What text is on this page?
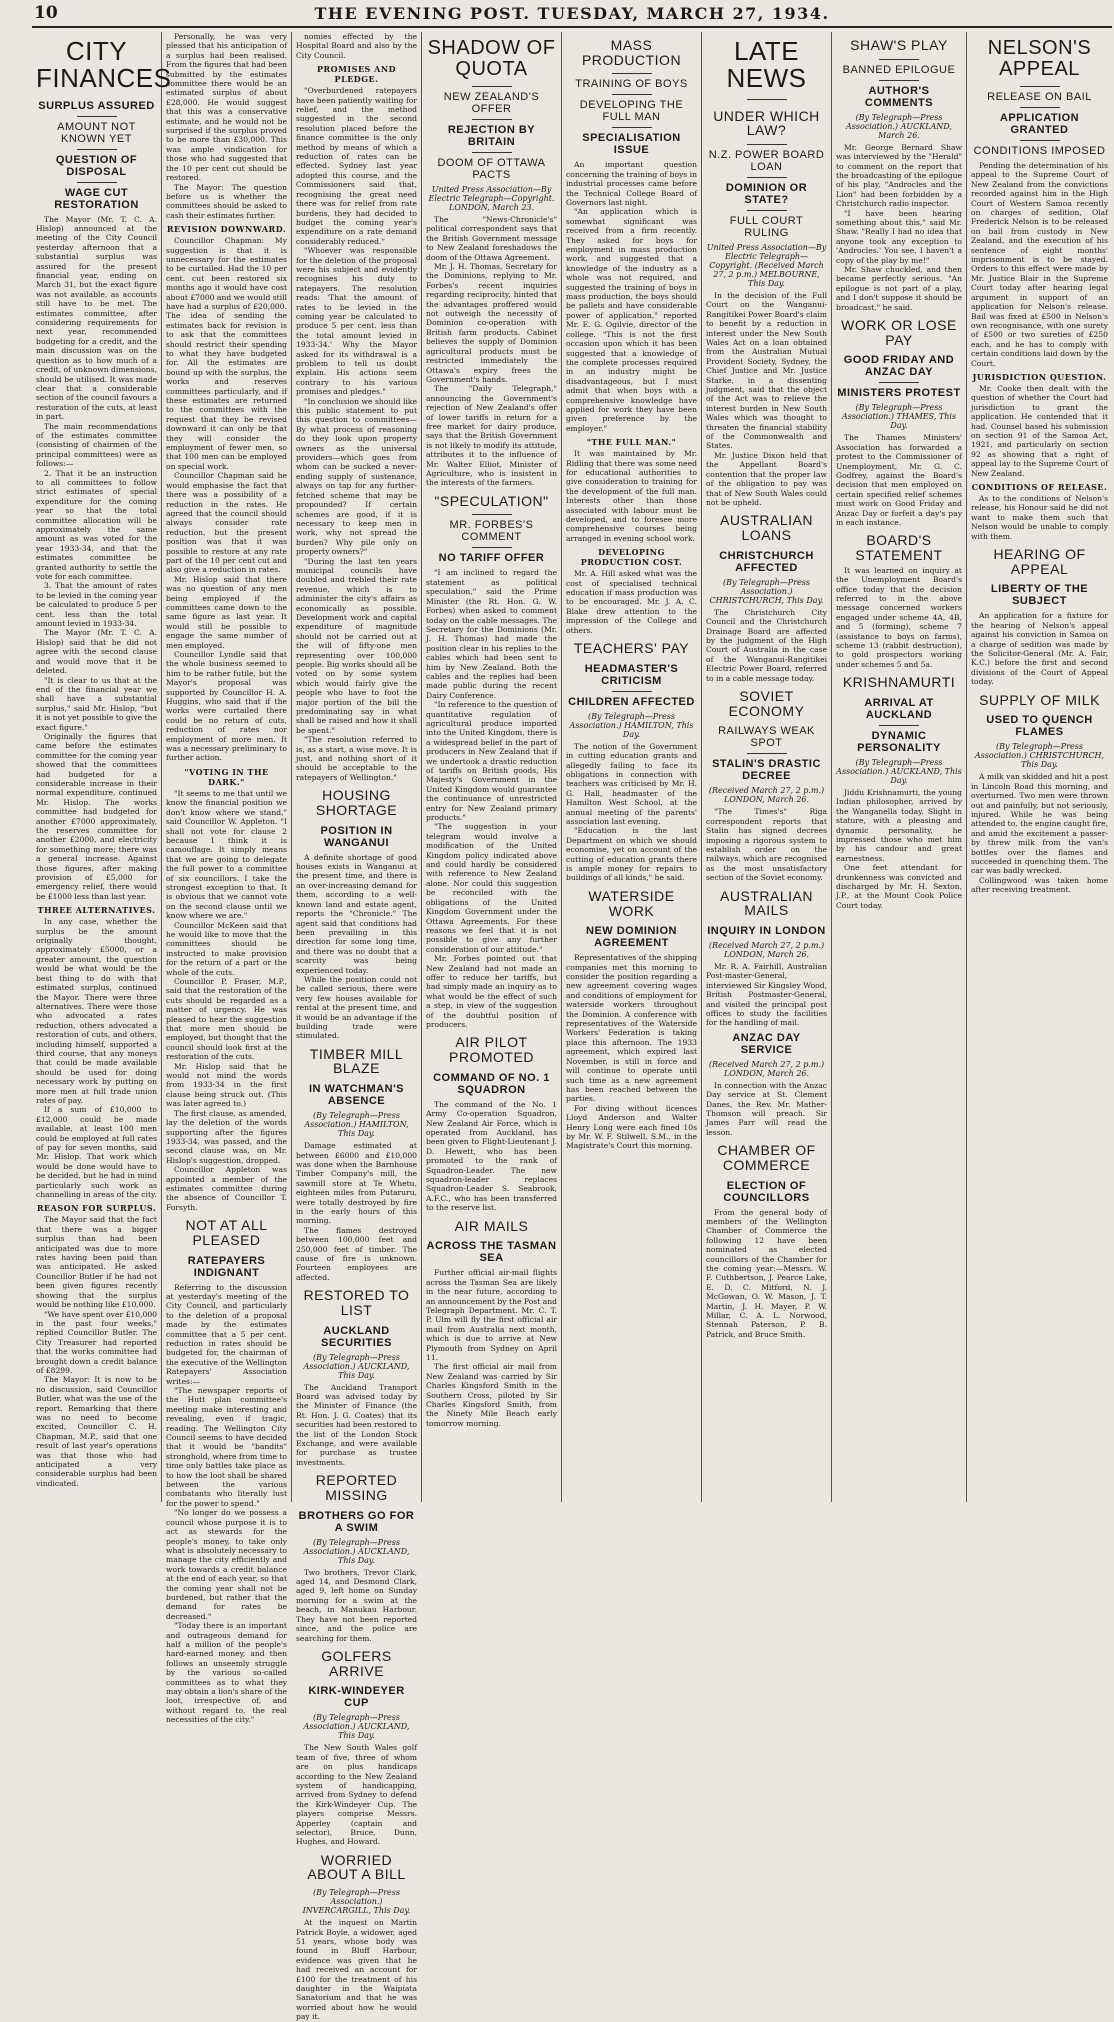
10	THE EVENING POST. TUESDAY, MARCH 27, 1934.
CITY FINANCES
SURPLUS ASSURED
AMOUNT NOT KNOWN YET
QUESTION OF DISPOSAL
WAGE CUT RESTORATION

The Mayor (Mr. T. C. A. Hislop) announced at the meeting of the City Council yesterday afternoon that a substantial surplus was assured for the present financial year, ending on March 31, but the exact figure was not available, as accounts still have to be met. The estimates committee, after considering requirements for next year, recommended budgeting for a credit, and the main discussion was on the question as to how much of a credit, of unknown dimensions, should be utilised. It was made clear that a considerable section of the council favours a restoration of the cuts, at least in part.

The main recommendations of the estimates committee (consisting of chairmen of the principal committees) were as follows:—

2. That it be an instruction to all committees to follow strict estimates of special expenditure for the coming year so that the total committee allocation will be approximately the same amount as was voted for the year 1933-34, and that the estimates committee be granted authority to settle the vote for each committee.

3. That the amount of rates to be levied in the coming year be calculated to produce 5 per cent. less than the total amount levied in 1933-34.

The Mayor (Mr. T. C. A. Hislop) said that he did not agree with the second clause and would move that it be deleted.

"It is clear to us that at the end of the financial year we shall have a substantial surplus," said Mr. Hislop, "but it is not yet possible to give the exact figure."

Originally the figures that came before the estimates committee for the coming year showed that the committees had budgeted for a considerable increase in their normal expenditure, continued Mr. Hislop. The works committee had budgeted for another £7000 approximately, the reserves committee for another £2000, and electricity for something more; there was a general increase. Against those figures, after making provision of £5,000 for emergency relief, there would be £1000 less than last year.

THREE ALTERNATIVES.

In any case, whether the surplus be the amount originally thought, approximately £5000, or a greater amount, the question would be what would be the best thing to do with that estimated surplus, continued the Mayor. There were three alternatives. There were those who advocated a rates reduction, others advocated a restoration of cuts, and others, including himself, supported a third course, that any moneys that could be made available should be used for doing necessary work by putting on more men at full trade union rates of pay.

If a sum of £10,000 to £12,000 could be made available, at least 100 men could be employed at full rates of pay for seven months, said Mr. Hislop. That work which would be done would have to be decided, but he had in mind particularly such work as channelling in areas of the city.

REASON FOR SURPLUS.

The Mayor said that the fact that there was a bigger surplus than had been anticipated was due to more rates having been paid than was anticipated. He asked Councillor Butler if he had not been given figures recently showing that the surplus would be nothing like £10,000.

"We have spent over £10,000 in the past four weeks," replied Councillor Butler. The City Treasurer had reported that the works committee had brought down a credit balance of £8299.

The Mayor: It is now to be no discussion, said Councillor Butler, what was the use of the report. Remarking that there was no need to become excited, Councillor C. H. Chapman, M.P., said that one result of last year's operations was that those who had anticipated a very considerable surplus had been vindicated.

Personally, he was very pleased that his anticipation of a surplus had been realised. From the figures that had been submitted by the estimates committee there would be an estimated surplus of about £28,000. He would suggest that this was a conservative estimate, and he would not be surprised if the surplus proved to be more than £30,000. This was ample vindication for those who had suggested that the 10 per cent cut should be restored.

The Mayor: The question before us is whether the committees should be asked to cash their estimates further.

REVISION DOWNWARD.

Councillor Chapman: My suggestion is that it is unnecessary for the estimates to be curtailed. Had the 10 per cent. cut been restored six months ago it would have cost about £7000 and we would still have had a surplus of £20,000. The idea of sending the estimates back for revision is to ask that the committees should restrict their spending to what they have budgeted for. All the estimates are bound up with the surplus, the works and reserves committees particularly, and if these estimates are returned to the committees with the request that they be revised downward it can only be that they will consider the employment of fewer men, so that 100 men can be employed on special work.

Councillor Chapman said he would emphasise the fact that there was a possibility of a reduction in the rates. He agreed that the council should always consider rate reduction, but the present position was that it was possible to restore at any rate part of the 10 per cent cut and also give a reduction in rates.

Mr. Hislop said that there was no question of any men being employed if the committees came down to the same figure as last year. It would still be possible to engage the same number of men employed.

Councillor Lyndle said that the whole business seemed to him to be rather futile, but the Mayor's proposal was supported by Councillor H. A. Huggins, who said that if the works were curtailed there could be no return of cuts, reduction of rates nor employment of more men. It was a necessary preliminary to further action.

"VOTING IN THE DARK."

"It seems to me that until we know the financial position we don't know where we stand," said Councillor W. Appleton. "I shall not vote for clause 2 because I think it is camouflage. It simply means that we are going to delegate the full power to a committee of six councillors. I take the strongest exception to that. It is obvious that we cannot vote on the second clause until we know where we are."

Councillor McKeen said that he would like to move that the committees should be instructed to make provision for the return of a part or the whole of the cuts.

Councillor P. Fraser, M.P., said that the restoration of the cuts should be regarded as a matter of urgency. He was pleased to hear the suggestion that more men should be employed, but thought that the council should look first at the restoration of the cuts.

Mr. Hislop said that he would not mind the words from 1933-34 in the first clause being struck out. (This was later agreed to.)

The first clause, as amended, lay the deletion of the words supporting after the figures 1933-34, was passed, and the second clause was, on Mr. Hislop's suggestion, dropped.

Councillor Appleton was appointed a member of the estimates committee during the absence of Councillor T. Forsyth.

NOT AT ALL PLEASED
RATEPAYERS INDIGNANT

Referring to the discussion at yesterday's meeting of the City Council, and particularly to the deletion of a proposal made by the estimates committee that a 5 per cent. reduction in rates should be budgeted for, the chairman of the executive of the Wellington Ratepayers' Association writes:—

"The newspaper reports of the Hutt plan committee's meeting make interesting and revealing, even if tragic, reading. The Wellington City Council seems to have decided that it would be "bandits" stronghold, where from time to time only battles take place as to how the loot shall be shared between the various combatants who literally lust for the power to spend."

"No longer do we possess a council whose purpose it is to act as stewards for the people's money, to take only what is absolutely necessary to manage the city efficiently and work towards a credit balance at the end of each year, so that the coming year shall not be burdened, but rather that the demand for rates be decreased."

"Today there is an important and outrageous demand for half a million of the people's hard-earned money, and then follows an unseemly struggle by the various so-called committees as to what they may obtain a lion's share of the loot, irrespective of, and without regard to, the real necessities of the city."

nomies effected by the Hospital Board and also by the City Council.

PROMISES AND PLEDGE.

"Overburdened ratepayers have been patiently waiting for relief, and the method suggested in the second resolution placed before the finance committee is the only method by means of which a reduction of rates can be effected. Sydney last year adopted this course, and the Commissioners said that, recognising the great need there was for relief from rate burdens, they had decided to budget the coming year's expenditure on a rate demand considerably reduced."

"Whoever was responsible for the deletion of the proposal were his subject and evidently recognises his duty to ratepayers. The resolution reads: 'That the amount of rates to be levied in the coming year be calculated to produce 5 per cent. less than the total amount levied in 1933-34.' Why the Mayor asked for its withdrawal is a problem to tell us doubt explain. His actions seem contrary to his various promises and pledges."

"In conclusion we should like this public statement to put this question to committees—By what process of reasoning do they look upon property owners as the universal providers—which goes from whom can be sucked a never-ending supply of sustenance, always on tap for any further-fetched scheme that may be propounded? If certain schemes are good, if it is necessary to keep men in work, why not spread the burden? Why pile only on property owners?"

"During the last ten years municipal councils have doubled and trebled their rate revenue, which is to administer the city's affairs as economically as possible. Development work and capital expenditure of magnitude should not be carried out at the will of fifty-one men representing over 100,000 people. Big works should all be voted on by some system which would fairly give the people who have to foot the major portion of the bill the predominating say in what shall be raised and how it shall be spent."

"The resolution referred to is, as a start, a wise move. It is just, and nothing short of it should be acceptable to the ratepayers of Wellington."

HOUSING SHORTAGE
POSITION IN WANGANUI

A definite shortage of good houses exists in Wanganui at the present time, and there is an over-increasing demand for them, according to a well-known land and estate agent, reports the "Chronicle." The agent said that conditions had been prevailing in this direction for some long time, and there was no doubt that a scarcity was being experienced today.

While the position could not be called serious, there were very few houses available for rental at the present time, and it would be an advantage if the building trade were stimulated.

TIMBER MILL BLAZE
IN WATCHMAN'S ABSENCE
(By Telegraph—Press Association.) HAMILTON, This Day.

Damage estimated at between £6000 and £10,000 was done when the Barnhouse Timber Company's mill, the sawmill store at Te Whetu, eighteen miles from Putaruru, were totally destroyed by fire in the early hours of this morning.

The flames destroyed between 100,000 feet and 250,000 feet of timber. The cause of fire is unknown. Fourteen employees are affected.

RESTORED TO LIST
AUCKLAND SECURITIES
(By Telegraph—Press Association.) AUCKLAND, This Day.

The Auckland Transport Board was advised today by the Minister of Finance (the Rt. Hon. J. G. Coates) that its securities had been restored to the list of the London Stock Exchange, and were available for purchase as trustee investments.

REPORTED MISSING
BROTHERS GO FOR A SWIM
(By Telegraph—Press Association.) AUCKLAND, This Day.

Two brothers, Trevor Clark, aged 14, and Desmond Clark, aged 9, left home on Sunday morning for a swim at the beach, in Manukau Harbour. They have not been reported since, and the police are searching for them.

GOLFERS ARRIVE
KIRK-WINDEYER CUP
(By Telegraph—Press Association.) AUCKLAND, This Day.

The New South Wales golf team of five, three of whom are on plus handicaps according to the New Zealand system of handicapping, arrived from Sydney to defend the Kirk-Windeyer Cup. The players comprise Messrs. Apperley (captain and selector), Bruce, Dunn, Hughes, and Howard.

WORRIED ABOUT A BILL
(By Telegraph—Press Association.) INVERCARGILL, This Day.

At the inquest on Martin Patrick Boyle, a widower, aged 51 years, whose body was found in Bluff Harbour, evidence was given that he had received an account for £100 for the treatment of his daughter in the Waipiata Sanatorium and that he was worried about how he would pay it.

SHADOW OF QUOTA
NEW ZEALAND'S OFFER
REJECTION BY BRITAIN
DOOM OF OTTAWA PACTS
United Press Association—By Electric Telegraph—Copyright. LONDON, March 23.

The "News-Chronicle's" political correspondent says that the British Government message to New Zealand foreshadows the doom of the Ottawa Agreement.

Mr. J. H. Thomas, Secretary for the Dominions, replying to Mr. Forbes's recent inquiries regarding reciprocity, hinted that the advantages proffered would not outweigh the necessity of Dominion co-operation with British farm products. Cabinet believes the supply of Dominion agricultural products must be restricted immediately the Ottawa's expiry frees the Government's hands.

The "Daily Telegraph," announcing the Government's rejection of New Zealand's offer of lower tariffs in return for a free market for dairy produce, says that the British Government is not likely to modify its attitude, attributes it to the influence of Mr. Walter Elliot, Minister of Agriculture, who is insistent in the interests of the farmers.

"SPECULATION"
MR. FORBES'S COMMENT
NO TARIFF OFFER

"I am inclined to regard the statement as political speculation," said the Prime Minister (the Rt. Hon. G. W. Forbes) when asked to comment today on the cable messages. The Secretary for the Dominions (Mr. J. H. Thomas) had made the position clear in his replies to the cables which had been sent to him by New Zealand. Both the cables and the replies had been made public during the recent Dairy Conference.

"In reference to the question of quantitative regulation of agricultural produce imported into the United Kingdom, there is a widespread belief in the part of producers in New Zealand that if we undertook a drastic reduction of tariffs on British goods, His Majesty's Government in the United Kingdom would guarantee the continuance of unrestricted entry for New Zealand primary products."

"The suggestion in your telegram would involve a modification of the United Kingdom policy indicated above and could hardly be considered with reference to New Zealand alone. Nor could this suggestion be reconciled with the obligations of the United Kingdom Government under the Ottawa Agreements. For these reasons we feel that it is not possible to give any further consideration of our attitude."

Mr. Forbes pointed out that New Zealand had not made an offer to reduce her tariffs, but had simply made an inquiry as to what would be the effect of such a step, in view of the suggestion of the doubtful position of producers.

AIR PILOT PROMOTED
COMMAND OF NO. 1 SQUADRON

The command of the No. 1 Army Co-operation Squadron, New Zealand Air Force, which is operated from Auckland, has been given to Flight-Lieutenant J. D. Hewett, who has been promoted to the rank of Squadron-Leader. The new squadron-leader replaces Squadron-Leader S. Seabrook, A.F.C., who has been transferred to the reserve list.

AIR MAILS
ACROSS THE TASMAN SEA

Further official air-mail flights across the Tasman Sea are likely in the near future, according to an announcement by the Post and Telegraph Department. Mr. C. T. P. Ulm will fly the first official air mail from Australia next month, which is due to arrive at New Plymouth from Sydney on April 11.

The first official air mail from New Zealand was carried by Sir Charles Kingsford Smith in the Southern Cross, piloted by Sir Charles Kingsford Smith, from the Ninety Mile Beach early tomorrow morning.

MASS PRODUCTION
TRAINING OF BOYS
DEVELOPING THE FULL MAN
SPECIALISATION ISSUE

An important question concerning the training of boys in industrial processes came before the Technical College Board of Governors last night.

"An application which is somewhat significant was received from a firm recently. They asked for boys for employment in mass production work, and suggested that a knowledge of the industry as a whole was not required, and suggested the training of boys in mass production, the boys should be pallets and have considerable power of application," reported Mr. E. G. Ogilvie, director of the college. "This is not the first occasion upon which it has been suggested that a knowledge of the complete processes required in an industry might be disadvantageous, but I must admit that when boys with a comprehensive knowledge have applied for work they have been given preference by the employer."

"THE FULL MAN."

It was maintained by Mr. Ridling that there was some need for educational authorities to give consideration to training for the development of the full man. Interests other than those associated with labour must be developed, and to foresee more comprehensive courses being arranged in evening school work.

DEVELOPING PRODUCTION COST.

Mr. A. Hill asked what was the cost of specialised technical education if mass production was to be encouraged. Mr. J. A. C. Blake drew attention to the impression of the College and others.

TEACHERS' PAY
HEADMASTER'S CRITICISM
CHILDREN AFFECTED
(By Telegraph—Press Association.) HAMILTON, This Day.

The notion of the Government in cutting education grants and allegedly failing to face its obligations in connection with teachers was criticised by Mr. H. G. Hall, headmaster of the Hamilton West School, at the annual meeting of the parents' association last evening.

"Education is the last Department on which we should economise, yet on account of the cutting of education grants there is ample money for repairs to buildings of all kinds," he said.

WATERSIDE WORK
NEW DOMINION AGREEMENT

Representatives of the shipping companies met this morning to consider the position regarding a new agreement covering wages and conditions of employment for waterside workers throughout the Dominion. A conference with representatives of the Waterside Workers' Federation is taking place this afternoon. The 1933 agreement, which expired last November, is still in force and will continue to operate until such time as a new agreement has been reached between the parties.

For diving without licences Lloyd Anderson and Walter Henry Long were each fined 10s by Mr. W. F. Stilwell, S.M., in the Magistrate's Court this morning.

LATE NEWS
UNDER WHICH LAW?
N.Z. POWER BOARD LOAN
DOMINION OR STATE?
FULL COURT RULING
United Press Association—By Electric Telegraph—Copyright. (Received March 27, 2 p.m.) MELBOURNE, This Day.

In the decision of the Full Court on the Wanganui-Rangitikei Power Board's claim to benefit by a reduction in interest under the New South Wales Act on a loan obtained from the Australian Mutual Provident Society, Sydney, the Chief Justice and Mr. Justice Starke, in a dissenting judgment, said that the object of the Act was to relieve the interest burden in New South Wales which was thought to threaten the financial stability of the Commonwealth and States.

Mr. Justice Dixon held that the Appellant Board's contention that the proper law of the obligation to pay was that of New South Wales could not be upheld.

AUSTRALIAN LOANS
CHRISTCHURCH AFFECTED
(By Telegraph—Press Association.) CHRISTCHURCH, This Day.

The Christchurch City Council and the Christchurch Drainage Board are affected by the judgment of the High Court of Australia in the case of the Wanganui-Rangitikei Electric Power Board, referred to in a cable message today.

SOVIET ECONOMY
RAILWAYS WEAK SPOT
STALIN'S DRASTIC DECREE
(Received March 27, 2 p.m.) LONDON, March 26.

"The Times's" Riga correspondent reports that Stalin has signed decrees imposing a rigorous system to establish order on the railways, which are recognised as the most unsatisfactory section of the Soviet economy.

AUSTRALIAN MAILS
INQUIRY IN LONDON
(Received March 27, 2 p.m.) LONDON, March 26.

Mr. R. A. Fairhill, Australian Post-master-General, interviewed Sir Kingsley Wood, British Postmaster-General, and visited the principal post offices to study the facilities for the handling of mail.

ANZAC DAY SERVICE
(Received March 27, 2 p.m.) LONDON, March 26.

In connection with the Anzac Day service at St. Clement Danes, the Rev. Mr. Mather-Thomson will preach. Sir James Parr will read the lesson.

CHAMBER OF COMMERCE
ELECTION OF COUNCILLORS

From the general body of members of the Wellington Chamber of Commerce the following 12 have been nominated as elected councillors of the Chamber for the coming year:—Messrs. W. F. Cuthbertson, J. Pearce Lake, E. D. C. Mitford, N. J. McGowan, O. W. Mason, J. T. Martin, J. H. Mayer, P. W. Millar, C. A. L. Norwood, Stennah Paterson, P. B. Patrick, and Bruce Smith.

SHAW'S PLAY
BANNED EPILOGUE
AUTHOR'S COMMENTS
(By Telegraph—Press Association.) AUCKLAND, March 26.

Mr. George Bernard Shaw was interviewed by the "Herald" to comment on the report that the broadcasting of the epilogue of his play, "Androcles and the Lion" had been forbidden by a Christchurch radio inspector.

"I have been hearing something about this," said Mr. Shaw. "Really I had no idea that anyone took any exception to 'Androcles.' You see, I haven't a copy of the play by me!"

Mr. Shaw chuckled, and then became perfectly serious. "An epilogue is not part of a play, and I don't suppose it should be broadcast," he said.

WORK OR LOSE PAY
GOOD FRIDAY AND ANZAC DAY
MINISTERS PROTEST
(By Telegraph—Press Association.) THAMES, This Day.

The Thames Ministers' Association has forwarded a protest to the Commissioner of Unemployment, Mr. G. C. Godfrey, against the Board's decision that men employed on certain specified relief schemes must work on Good Friday and Anzac Day or forfeit a day's pay in each instance.

BOARD'S STATEMENT

It was learned on inquiry at the Unemployment Board's office today that the decision referred to in the above message concerned workers engaged under scheme 4A, 4B, and 5 (forming), scheme 7 (assistance to boys on farms), scheme 13 (rabbit destruction), to gold prospectors working under schemes 5 and 5a.

KRISHNAMURTI
ARRIVAL AT AUCKLAND
DYNAMIC PERSONALITY
(By Telegraph—Press Association.) AUCKLAND, This Day.

Jiddu Krishnamurti, the young Indian philosopher, arrived by the Wanganella today. Slight in stature, with a pleasing and dynamic personality, he impressed those who met him by his candour and great earnestness.

One feet attendant for drunkenness was convicted and discharged by Mr. H. Sexton, J.P., at the Mount Cook Police Court today.

NELSON'S APPEAL
RELEASE ON BAIL
APPLICATION GRANTED
CONDITIONS IMPOSED

Pending the determination of his appeal to the Supreme Court of New Zealand from the convictions recorded against him in the High Court of Western Samoa recently on charges of sedition, Olaf Frederick Nelson is to be released on bail from custody in New Zealand, and the execution of his sentence of eight months' imprisonment is to be stayed. Orders to this effect were made by Mr. Justice Blair in the Supreme Court today after hearing legal argument in support of an application for Nelson's release. Bail was fixed at £500 in Nelson's own recognisance, with one surety of £500 or two sureties of £250 each, and he has to comply with certain conditions laid down by the Court.

JURISDICTION QUESTION.

Mr. Cooke then dealt with the question of whether the Court had jurisdiction to grant the application. He contended that it had. Counsel based his submission on section 91 of the Samoa Act, 1921, and particularly on section 92 as showing that a right of appeal lay to the Supreme Court of New Zealand.

CONDITIONS OF RELEASE.

As to the conditions of Nelson's release, his Honour said he did not want to make them such that Nelson would be unable to comply with them.

HEARING OF APPEAL
LIBERTY OF THE SUBJECT

An application for a fixture for the hearing of Nelson's appeal against his conviction in Samoa on a charge of sedition was made by the Solicitor-General (Mr. A. Fair, K.C.) before the first and second divisions of the Court of Appeal today.

SUPPLY OF MILK
USED TO QUENCH FLAMES
(By Telegraph—Press Association.) CHRISTCHURCH, This Day.

A milk van skidded and hit a post in Lincoln Road this morning, and overturned. Two men were thrown out and painfully, but not seriously, injured. While he was being attended to, the engine caught fire, and amid the excitement a passer-by threw milk from the van's bottles over the flames and succeeded in quenching them. The car was badly wrecked.

Collingwood was taken home after receiving treatment.
